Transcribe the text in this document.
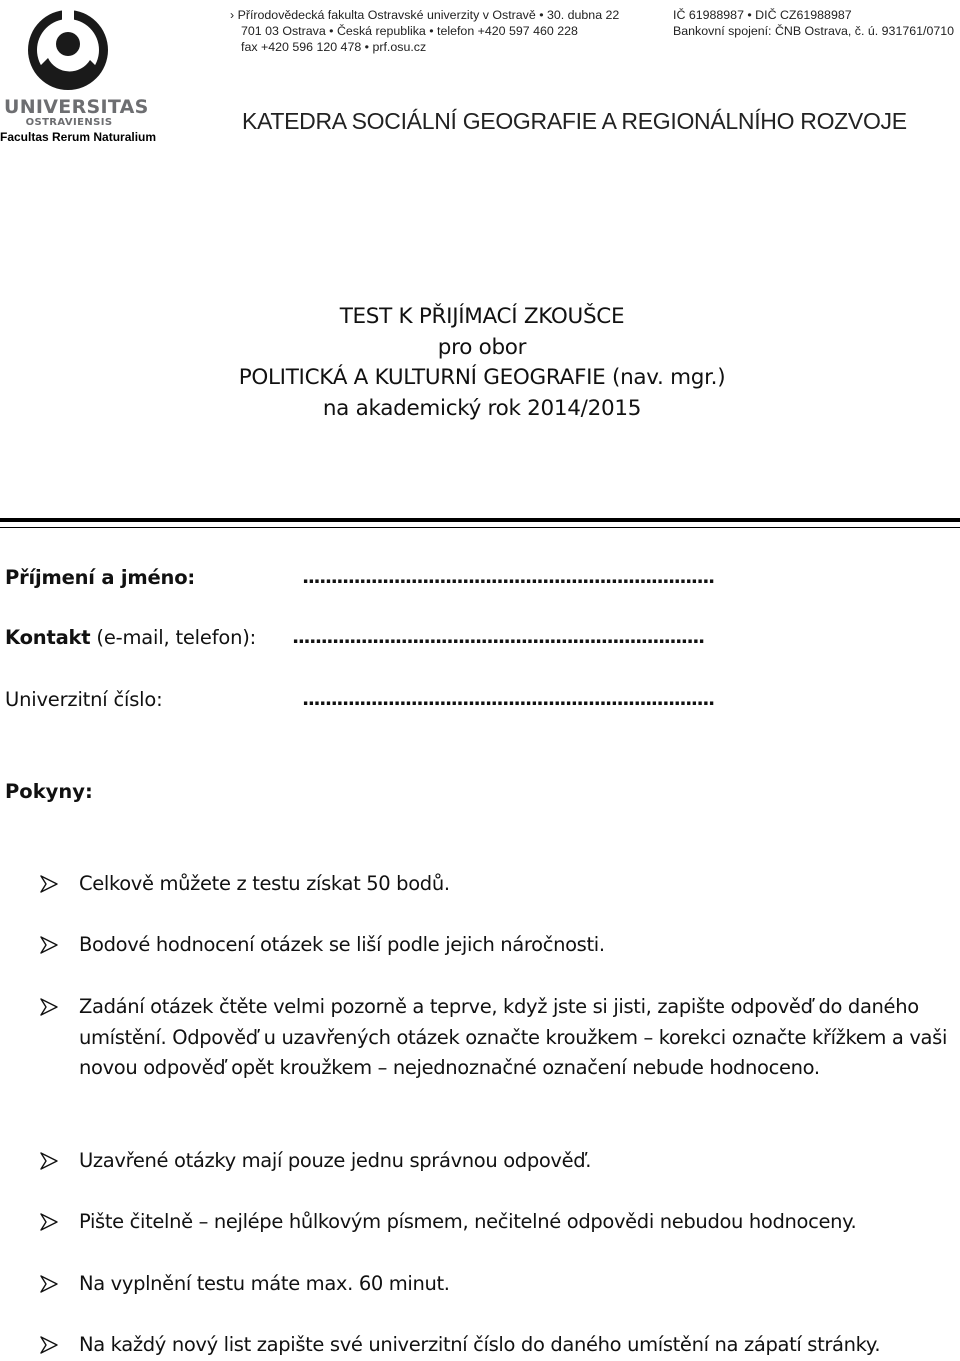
UNIVERSITAS
OSTRAVIENSIS
Facultas Rerum Naturalium
› Přírodovědecká fakulta Ostravské univerzity v Ostravě • 30. dubna 22
701 03 Ostrava • Česká republika • telefon +420 597 460 228
fax +420 596 120 478 • prf.osu.cz
IČ 61988987 • DIČ CZ61988987
Bankovní spojení: ČNB Ostrava, č. ú. 931761/0710
KATEDRA SOCIÁLNÍ GEOGRAFIE A REGIONÁLNÍHO ROZVOJE
TEST K PŘIJÍMACÍ ZKOUŠCE
pro obor
POLITICKÁ A KULTURNÍ GEOGRAFIE (nav. mgr.)
na akademický rok 2014/2015
Příjmení a jméno:	........................................................................
Kontakt (e-mail, telefon): ........................................................................
Univerzitní číslo:	........................................................................
Pokyny:
Celkově můžete z testu získat 50 bodů.
Bodové hodnocení otázek se liší podle jejich náročnosti.
Zadání otázek čtěte velmi pozorně a teprve, když jste si jisti, zapište odpověď do daného umístění. Odpověď u uzavřených otázek označte kroužkem – korekci označte křížkem a vaši novou odpověď opět kroužkem – nejednoznačné označení nebude hodnoceno.
Uzavřené otázky mají pouze jednu správnou odpověď.
Pište čitelně – nejlépe hůlkovým písmem, nečitelné odpovědi nebudou hodnoceny.
Na vyplnění testu máte max. 60 minut.
Na každý nový list zapište své univerzitní číslo do daného umístění na zápatí stránky.
